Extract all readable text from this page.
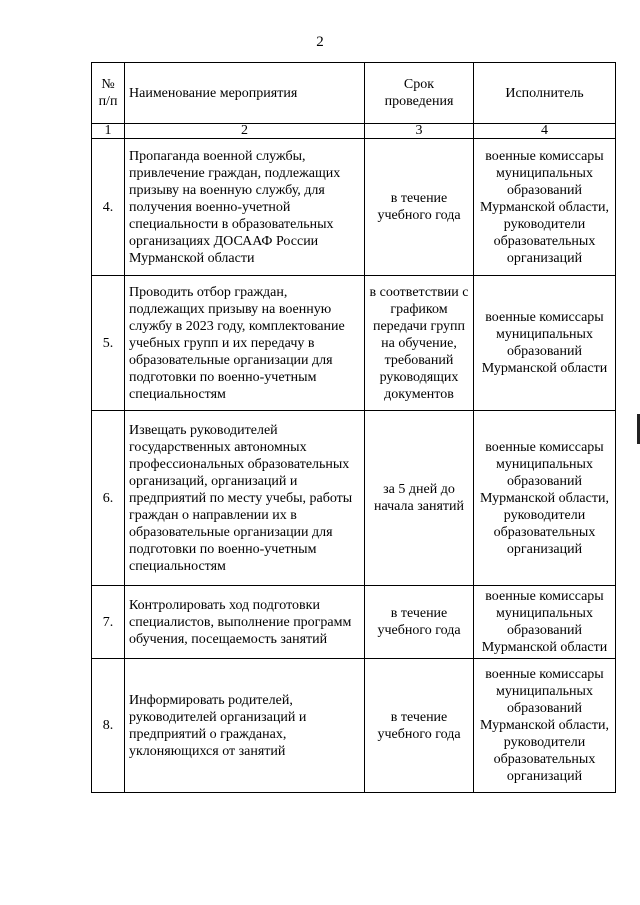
2
№ п/п	Наименование мероприятия	Срок проведения	Исполнитель
1	2	3	4
4.	Пропаганда военной службы, привлечение граждан, подлежащих призыву на военную службу, для получения военно-учетной специальности в образовательных организациях ДОСААФ России Мурманской области	в течение учебного года	военные комиссары муниципальных образований Мурманской области, руководители образовательных организаций
5.	Проводить отбор граждан, подлежащих призыву на военную службу в 2023 году, комплектование учебных групп и их передачу в образовательные организации для подготовки по военно-учетным специальностям	в соответствии с графиком передачи групп на обучение, требований руководящих документов	военные комиссары муниципальных образований Мурманской области
6.	Извещать руководителей государственных автономных профессиональных образовательных организаций, организаций и предприятий по месту учебы, работы граждан о направлении их в образовательные организации для подготовки по военно-учетным специальностям	за 5 дней до начала занятий	военные комиссары муниципальных образований Мурманской области, руководители образовательных организаций
7.	Контролировать ход подготовки специалистов, выполнение программ обучения, посещаемость занятий	в течение учебного года	военные комиссары муниципальных образований Мурманской области
8.	Информировать родителей, руководителей организаций и предприятий о гражданах, уклоняющихся от занятий	в течение учебного года	военные комиссары муниципальных образований Мурманской области, руководители образовательных организаций
